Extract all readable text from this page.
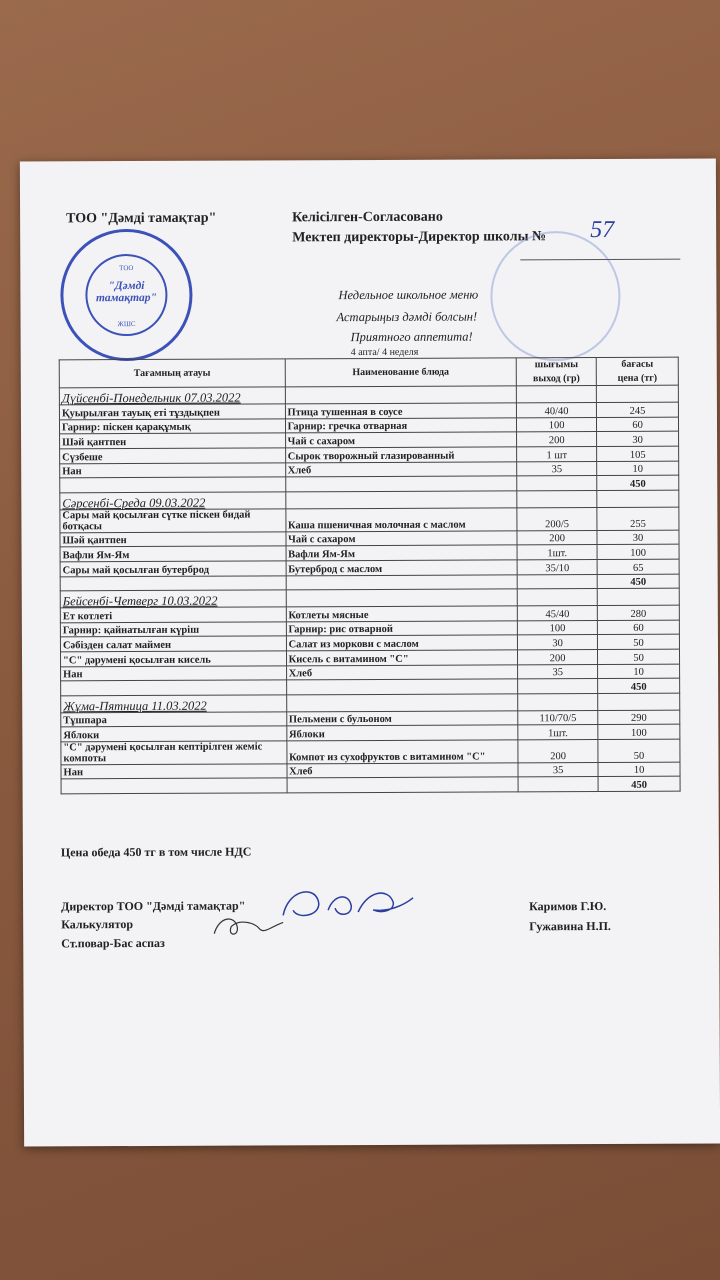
ТОО "Дәмді тамақтар"	Келісілген-Согласовано
Мектеп директоры-Директор школы № 57
ТОО
"Дәмді
тамақтар"
ЖШС
Недельное школьное меню
Астарыңыз дәмді болсын!
Приятного аппетита!
4 апта/ 4 неделя
Тағамның атауы	Наименование блюда	шығымы	бағасы
		выход (гр)	цена (тг)
Дүйсенбі-Понедельник 07.03.2022			
Қуырылған тауық еті тұздықпен	Птица тушенная в соусе	40/40	245
Гарнир: піскен қарақұмық	Гарнир: гречка отварная	100	60
Шәй қантпен	Чай с сахаром	200	30
Сүзбеше	Сырок творожный глазированный	1 шт	105
Нан	Хлеб	35	10
			450
Сәрсенбі-Среда 09.03.2022			
Сары май қосылған сүтке піскен бидай ботқасы	Каша пшеничная молочная с маслом	200/5	255
Шәй қантпен	Чай с сахаром	200	30
Вафли Ям-Ям	Вафли Ям-Ям	1шт.	100
Сары май қосылған бутерброд	Бутерброд с маслом	35/10	65
			450
Бейсенбі-Четверг 10.03.2022			
Ет котлеті	Котлеты мясные	45/40	280
Гарнир: қайнатылған күріш	Гарнир: рис отварной	100	60
Сәбізден салат маймен	Салат из моркови с маслом	30	50
"С" дәрумені қосылған кисель	Кисель с витамином "С"	200	50
Нан	Хлеб	35	10
			450
Жұма-Пятница 11.03.2022			
Тұшпара	Пельмени с бульоном	110/70/5	290
Яблоки	Яблоки	1шт.	100
"С" дәрумені қосылған кептірілген жеміс компоты	Компот из сухофруктов с витамином "С"	200	50
Нан	Хлеб	35	10
			450
Цена обеда 450 тг в том числе НДС
Директор ТОО "Дәмді тамақтар"
Калькулятор
Ст.повар-Бас аспаз
Каримов Г.Ю.
Гужавина Н.П.
